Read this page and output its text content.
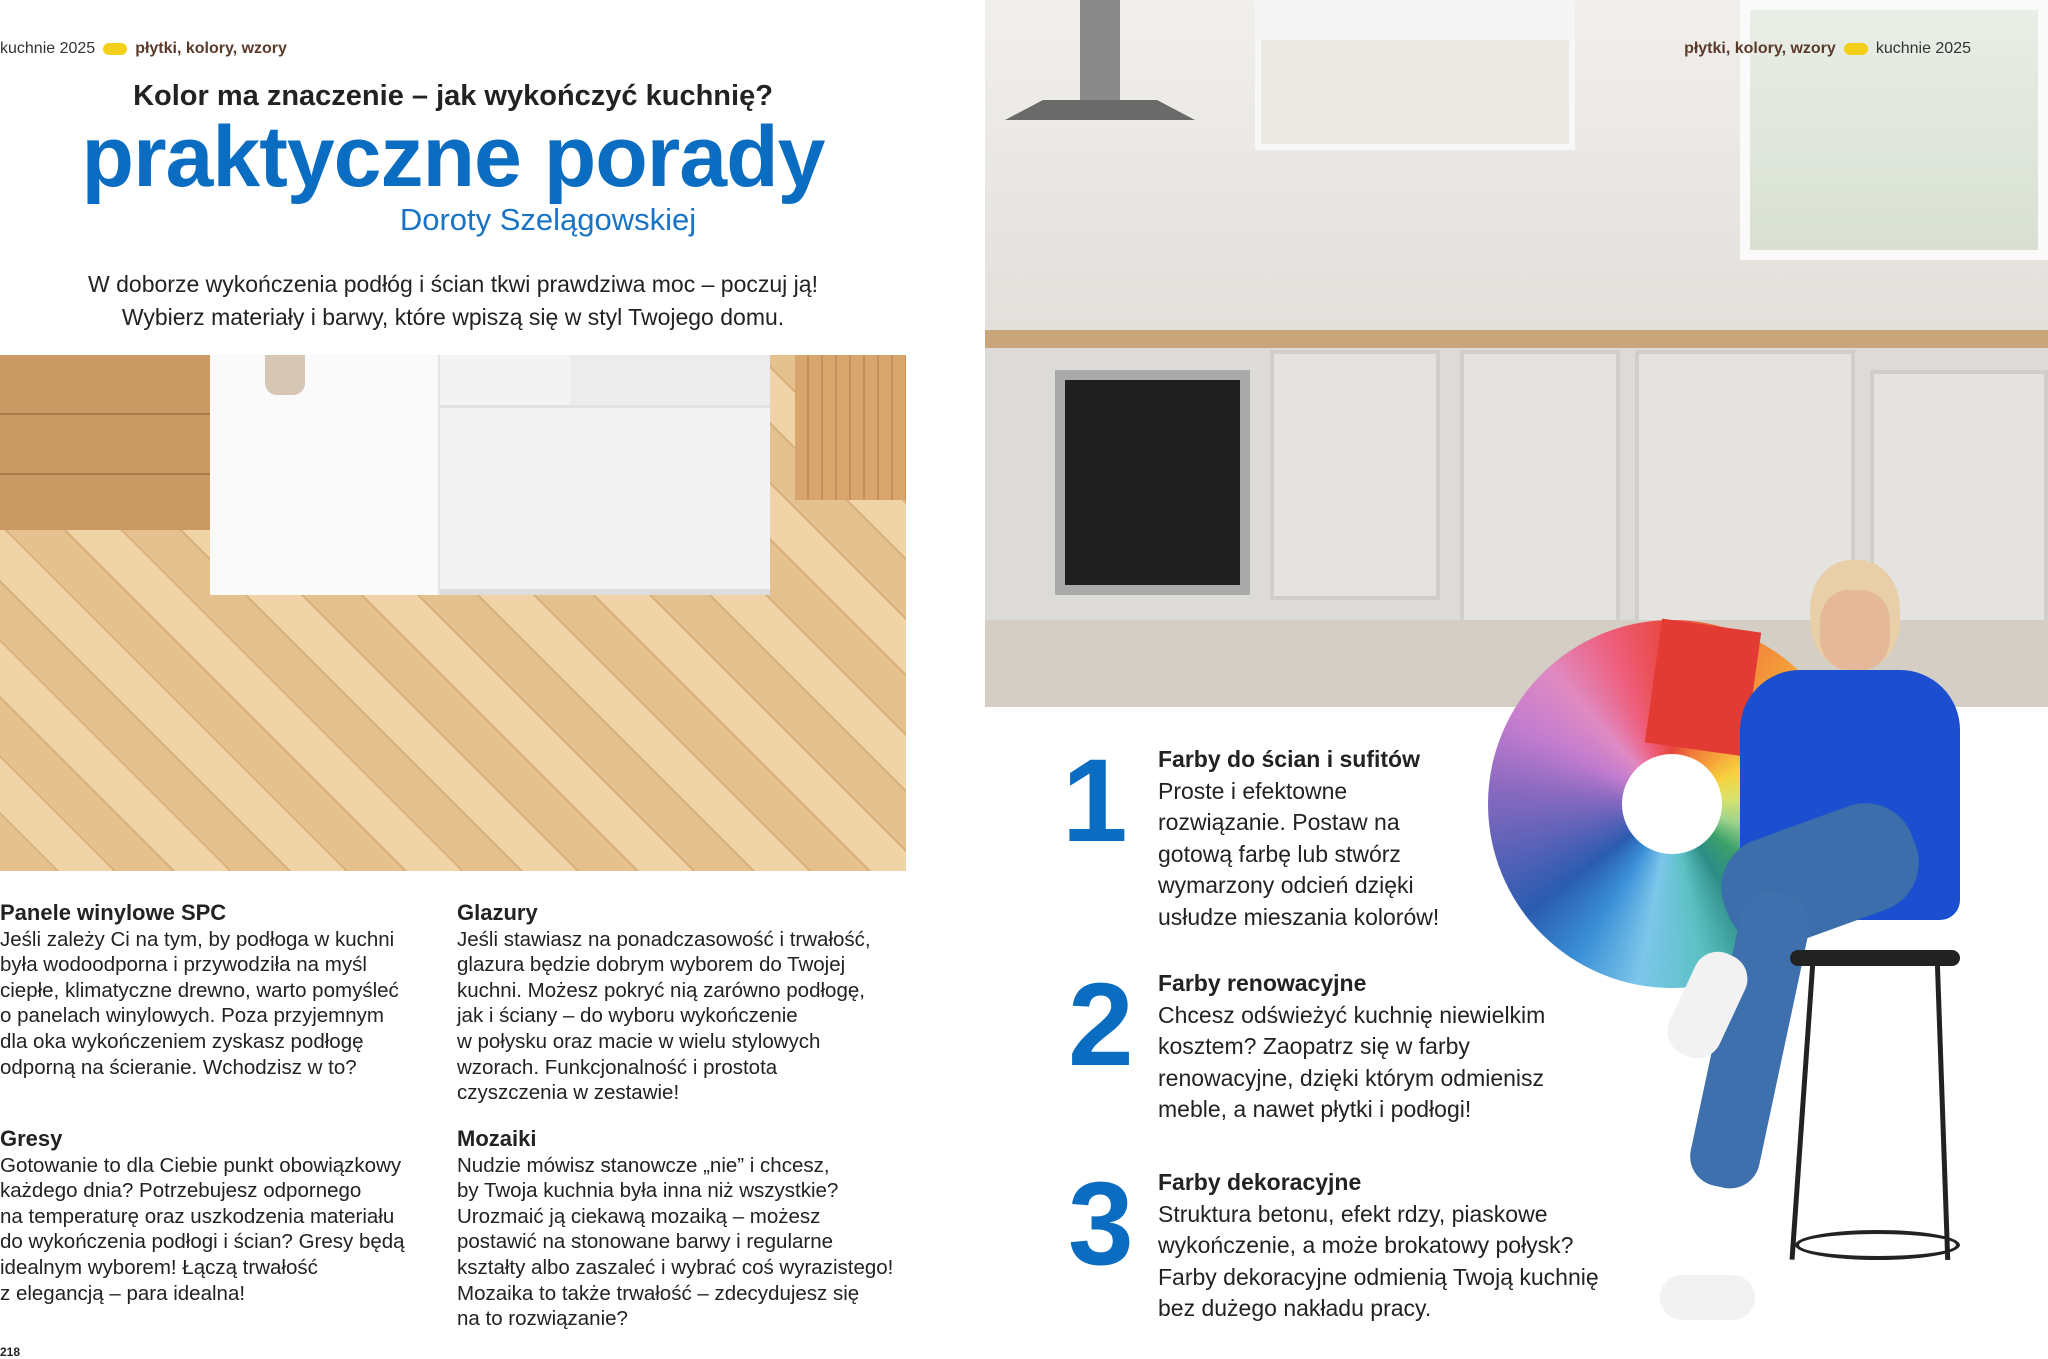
kuchnie 2025	płytki, kolory, wzory
Kolor ma znaczenie – jak wykończyć kuchnię?
praktyczne porady
Doroty Szelągowskiej
W doborze wykończenia podłóg i ścian tkwi prawdziwa moc – poczuj ją!
Wybierz materiały i barwy, które wpiszą się w styl Twojego domu.
płytki, kolory, wzory	kuchnie 2025
Panele winylowe SPC
Jeśli zależy Ci na tym, by podłoga w kuchni
była wodoodporna i przywodziła na myśl
ciepłe, klimatyczne drewno, warto pomyśleć
o panelach winylowych. Poza przyjemnym
dla oka wykończeniem zyskasz podłogę
odporną na ścieranie. Wchodzisz w to?
Glazury
Jeśli stawiasz na ponadczasowość i trwałość,
glazura będzie dobrym wyborem do Twojej
kuchni. Możesz pokryć nią zarówno podłogę,
jak i ściany – do wyboru wykończenie
w połysku oraz macie w wielu stylowych
wzorach. Funkcjonalność i prostota
czyszczenia w zestawie!
Gresy
Gotowanie to dla Ciebie punkt obowiązkowy
każdego dnia? Potrzebujesz odpornego
na temperaturę oraz uszkodzenia materiału
do wykończenia podłogi i ścian? Gresy będą
idealnym wyborem! Łączą trwałość
z elegancją – para idealna!
Mozaiki
Nudzie mówisz stanowcze „nie” i chcesz,
by Twoja kuchnia była inna niż wszystkie?
Urozmaić ją ciekawą mozaiką – możesz
postawić na stonowane barwy i regularne
kształty albo zaszaleć i wybrać coś wyrazistego!
Mozaika to także trwałość – zdecydujesz się
na to rozwiązanie?
218
1 Farby do ścian i sufitów
Proste i efektowne
rozwiązanie. Postaw na
gotową farbę lub stwórz
wymarzony odcień dzięki
usłudze mieszania kolorów!
2 Farby renowacyjne
Chcesz odświeżyć kuchnię niewielkim
kosztem? Zaopatrz się w farby
renowacyjne, dzięki którym odmienisz
meble, a nawet płytki i podłogi!
3 Farby dekoracyjne
Struktura betonu, efekt rdzy, piaskowe
wykończenie, a może brokatowy połysk?
Farby dekoracyjne odmienią Twoją kuchnię
bez dużego nakładu pracy.
